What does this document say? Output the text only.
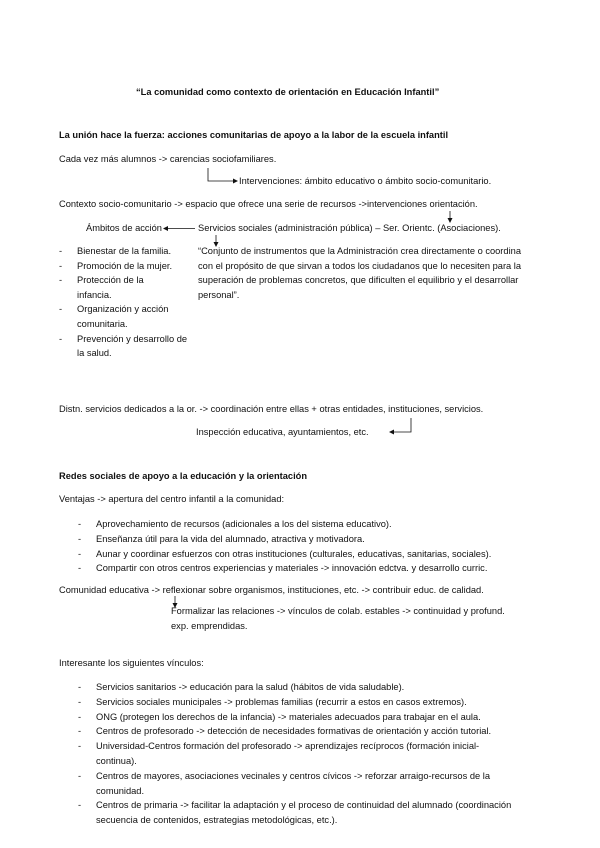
“La comunidad como contexto de orientación en Educación Infantil”
La unión hace la fuerza: acciones comunitarias de apoyo a la labor de la escuela infantil
Cada vez más alumnos -> carencias sociofamiliares.
Intervenciones: ámbito educativo o ámbito socio-comunitario.
Contexto socio-comunitario -> espacio que ofrece una serie de recursos ->intervenciones orientación.
Ámbitos de acción	Servicios sociales (administración pública) – Ser. Orientc. (Asociaciones).
- Bienestar de la familia.
- Promoción de la mujer.
- Protección de la infancia.
- Organización y acción comunitaria.
- Prevención y desarrollo de la salud.
“Conjunto de instrumentos que la Administración crea directamente o coordina con el propósito de que sirvan a todos los ciudadanos que lo necesiten para la superación de problemas concretos, que dificulten el equilibrio y el desarrollar personal”.
Distn. servicios dedicados a la or. -> coordinación entre ellas + otras entidades, instituciones, servicios.
Inspección educativa, ayuntamientos, etc.
Redes sociales de apoyo a la educación y la orientación
Ventajas -> apertura del centro infantil a la comunidad:
- Aprovechamiento de recursos (adicionales a los del sistema educativo).
- Enseñanza útil para la vida del alumnado, atractiva y motivadora.
- Aunar y coordinar esfuerzos con otras instituciones (culturales, educativas, sanitarias, sociales).
- Compartir con otros centros experiencias y materiales -> innovación edctva. y desarrollo curric.
Comunidad educativa -> reflexionar sobre organismos, instituciones, etc. -> contribuir educ. de calidad.
Formalizar las relaciones -> vínculos de colab. estables -> continuidad y profund. exp. emprendidas.
Interesante los siguientes vínculos:
- Servicios sanitarios -> educación para la salud (hábitos de vida saludable).
- Servicios sociales municipales -> problemas familias (recurrir a estos en casos extremos).
- ONG (protegen los derechos de la infancia) -> materiales adecuados para trabajar en el aula.
- Centros de profesorado -> detección de necesidades formativas de orientación y acción tutorial.
- Universidad-Centros formación del profesorado -> aprendizajes recíprocos (formación inicial-continua).
- Centros de mayores, asociaciones vecinales y centros cívicos -> reforzar arraigo-recursos de la comunidad.
- Centros de primaria -> facilitar la adaptación y el proceso de continuidad del alumnado (coordinación secuencia de contenidos, estrategias metodológicas, etc.).
